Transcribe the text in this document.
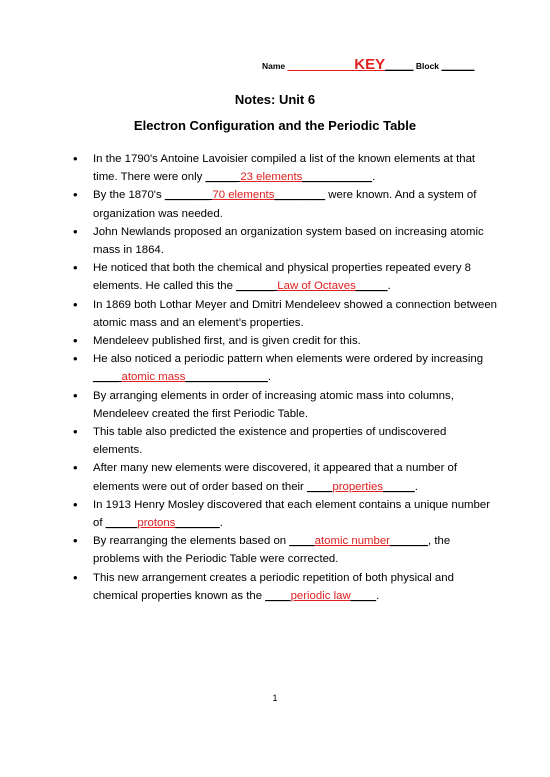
Name ________KEY______ Block _______
Notes: Unit 6
Electron Configuration and the Periodic Table
• In the 1790's Antoine Lavoisier compiled a list of the known elements at that time. There were only _____ 23 elements___________.
• By the 1870's _______ 70 elements________ were known. And a system of organization was needed.
• John Newlands proposed an organization system based on increasing atomic mass in 1864.
• He noticed that both the chemical and physical properties repeated every 8 elements. He called this the ______ Law of Octaves_____.
• In 1869 both Lothar Meyer and Dmitri Mendeleev showed a connection between atomic mass and an element’s properties.
• Mendeleev published first, and is given credit for this.
• He also noticed a periodic pattern when elements were ordered by increasing ____ atomic mass_____________.
• By arranging elements in order of increasing atomic mass into columns, Mendeleev created the first Periodic Table.
• This table also predicted the existence and properties of undiscovered elements.
• After many new elements were discovered, it appeared that a number of elements were out of order based on their ____properties_____.
• In 1913 Henry Mosley discovered that each element contains a unique number of _____protons_______.
• By rearranging the elements based on ____atomic number______, the problems with the Periodic Table were corrected.
• This new arrangement creates a periodic repetition of both physical and chemical properties known as the ____periodic law____.
1
